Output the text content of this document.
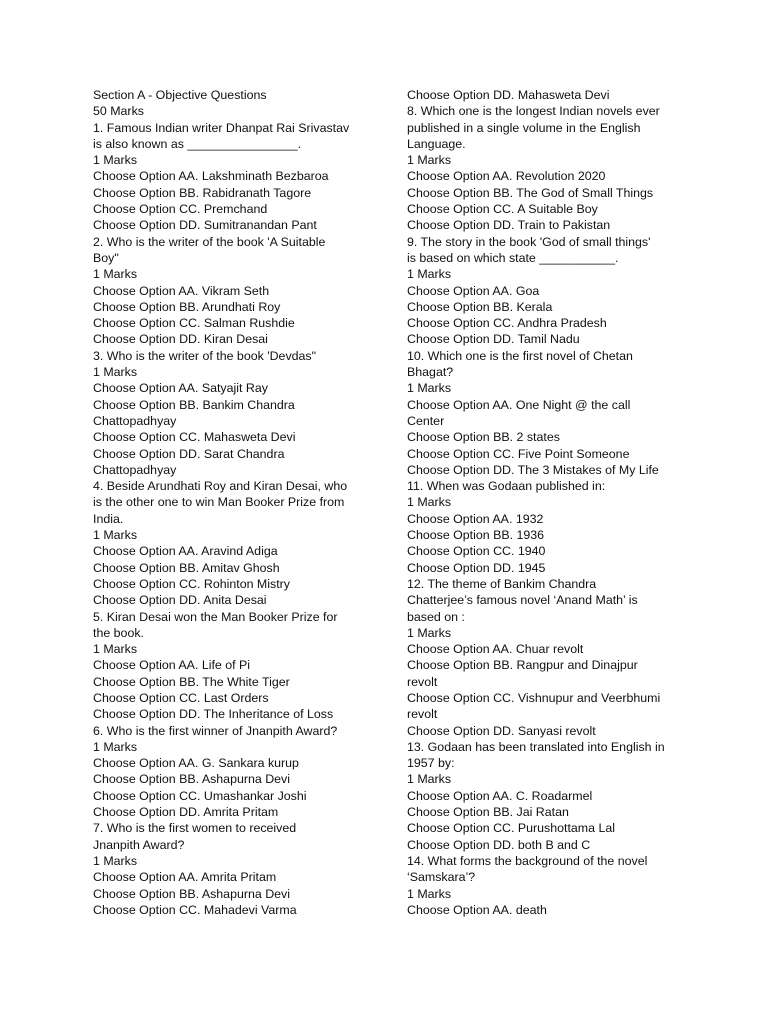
Section A - Objective Questions
50 Marks
1. Famous Indian writer Dhanpat Rai Srivastav
is also known as ________________.
1 Marks
Choose Option AA. Lakshminath Bezbaroa
Choose Option BB. Rabidranath Tagore
Choose Option CC. Premchand
Choose Option DD. Sumitranandan Pant
2. Who is the writer of the book 'A Suitable
Boy"
1 Marks
Choose Option AA. Vikram Seth
Choose Option BB. Arundhati Roy
Choose Option CC. Salman Rushdie
Choose Option DD. Kiran Desai
3. Who is the writer of the book 'Devdas"
1 Marks
Choose Option AA. Satyajit Ray
Choose Option BB. Bankim Chandra
Chattopadhyay
Choose Option CC. Mahasweta Devi
Choose Option DD. Sarat Chandra
Chattopadhyay
4. Beside Arundhati Roy and Kiran Desai, who
is the other one to win Man Booker Prize from
India.
1 Marks
Choose Option AA. Aravind Adiga
Choose Option BB. Amitav Ghosh
Choose Option CC. Rohinton Mistry
Choose Option DD. Anita Desai
5. Kiran Desai won the Man Booker Prize for
the book.
1 Marks
Choose Option AA. Life of Pi
Choose Option BB. The White Tiger
Choose Option CC. Last Orders
Choose Option DD. The Inheritance of Loss
6. Who is the first winner of Jnanpith Award?
1 Marks
Choose Option AA. G. Sankara kurup
Choose Option BB. Ashapurna Devi
Choose Option CC. Umashankar Joshi
Choose Option DD. Amrita Pritam
7. Who is the first women to received
Jnanpith Award?
1 Marks
Choose Option AA. Amrita Pritam
Choose Option BB. Ashapurna Devi
Choose Option CC. Mahadevi Varma
Choose Option DD. Mahasweta Devi
8. Which one is the longest Indian novels ever
published in a single volume in the English
Language.
1 Marks
Choose Option AA. Revolution 2020
Choose Option BB. The God of Small Things
Choose Option CC. A Suitable Boy
Choose Option DD. Train to Pakistan
9. The story in the book 'God of small things'
is based on which state ___________.
1 Marks
Choose Option AA. Goa
Choose Option BB. Kerala
Choose Option CC. Andhra Pradesh
Choose Option DD. Tamil Nadu
10. Which one is the first novel of Chetan
Bhagat?
1 Marks
Choose Option AA. One Night @ the call
Center
Choose Option BB. 2 states
Choose Option CC. Five Point Someone
Choose Option DD. The 3 Mistakes of My Life
11. When was Godaan published in:
1 Marks
Choose Option AA. 1932
Choose Option BB. 1936
Choose Option CC. 1940
Choose Option DD. 1945
12. The theme of Bankim Chandra
Chatterjee’s famous novel ‘Anand Math’ is
based on :
1 Marks
Choose Option AA. Chuar revolt
Choose Option BB. Rangpur and Dinajpur
revolt
Choose Option CC. Vishnupur and Veerbhumi
revolt
Choose Option DD. Sanyasi revolt
13. Godaan has been translated into English in
1957 by:
1 Marks
Choose Option AA. C. Roadarmel
Choose Option BB. Jai Ratan
Choose Option CC. Purushottama Lal
Choose Option DD. both B and C
14. What forms the background of the novel
‘Samskara’?
1 Marks
Choose Option AA. death
